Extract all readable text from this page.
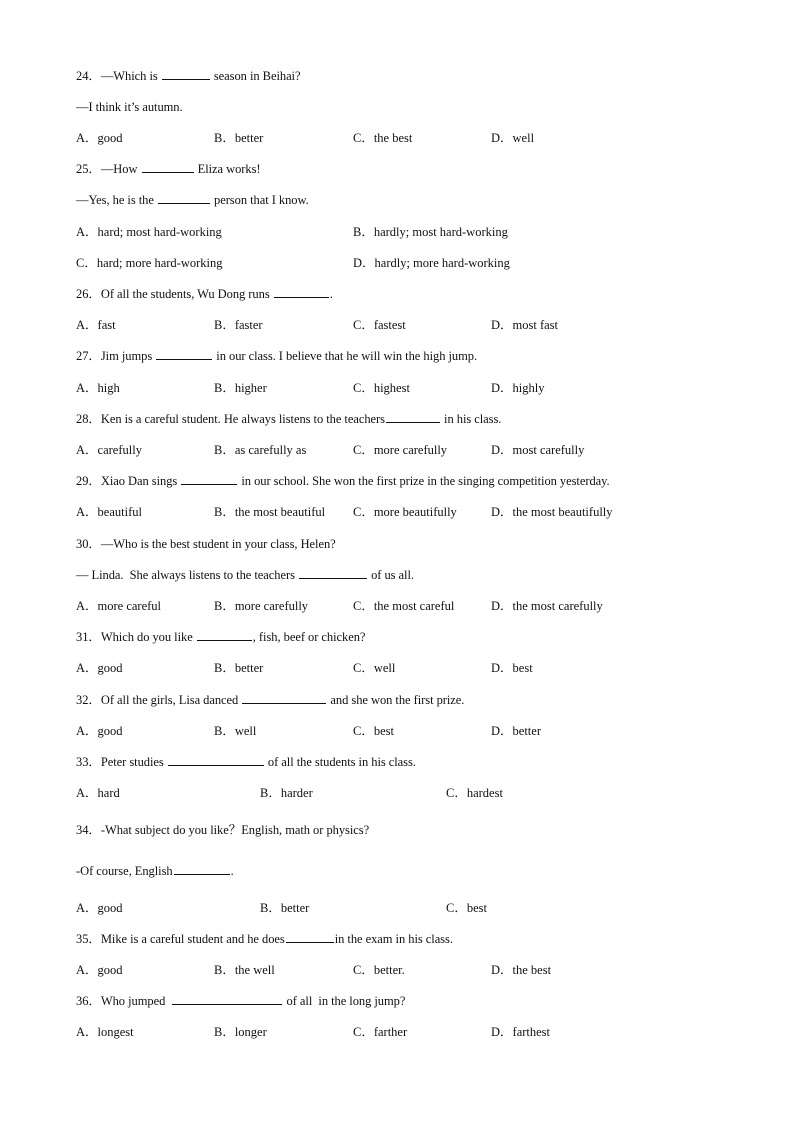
24．—Which is	season in Beihai?
—I think it’s autumn.
A．good	B．better	C．the best	D．well
25．—How	Eliza works!
—Yes, he is the	person that I know.
A．hard; most hard-working	B．hardly; most hard-working
C．hard; more hard-working	D．hardly; more hard-working
26．Of all the students, Wu Dong runs	.
A．fast	B．faster	C．fastest	D．most fast
27．Jim jumps	in our class. I believe that he will win the high jump.
A．high	B．higher	C．highest	D．highly
28．Ken is a careful student. He always listens to the teachers	in his class.
A．carefully	B．as carefully as	C．more carefully	D．most carefully
29．Xiao Dan sings	in our school. She won the first prize in the singing competition yesterday.
A．beautiful	B．the most beautiful C．more beautifully	D．the most beautifully
30．—Who is the best student in your class, Helen?
— Linda.  She always listens to the teachers	of us all.
A．more careful	B．more carefully	C．the most careful	D．the most carefully
31．Which do you like	, fish, beef or chicken?
A．good	B．better	C．well	D．best
32．Of all the girls, Lisa danced	and she won the first prize.
A．good	B．well	C．best	D．better
33．Peter studies	of all the students in his class.
A．hard	B．harder	C．hardest
34．-What subject do you like？English, math or physics?
-Of course, English	.
A．good	B．better	C．best
35．Mike is a careful student and he does	in the exam in his class.
A．good	B．the well	C．better.	D．the best
36．Who jumped	of all  in the long jump?
A．longest	B．longer	C．farther	D．farthest
